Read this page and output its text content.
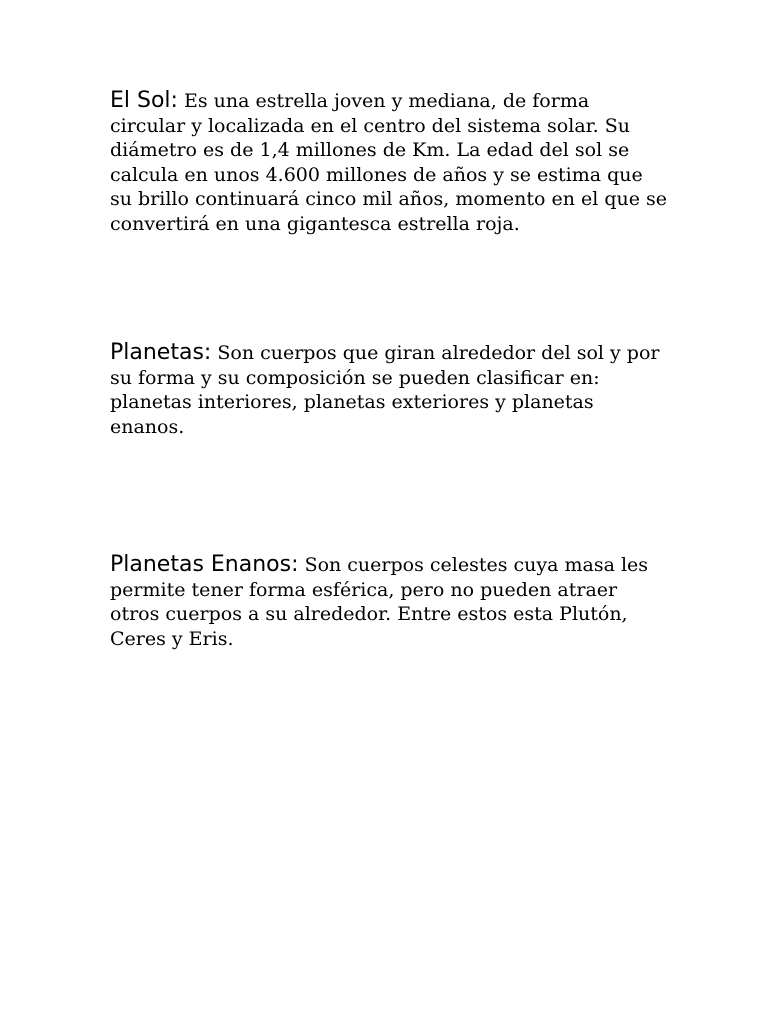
El Sol: Es una estrella joven y mediana, de forma circular y localizada en el centro del sistema solar. Su diámetro es de 1,4 millones de Km. La edad del sol se calcula en unos 4.600 millones de años y se estima que su brillo continuará cinco mil años, momento en el que se convertirá en una gigantesca estrella roja.

Planetas: Son cuerpos que giran alrededor del sol y por su forma y su composición se pueden clasificar en: planetas interiores, planetas exteriores y planetas enanos.

Planetas Enanos: Son cuerpos celestes cuya masa les permite tener forma esférica, pero no pueden atraer otros cuerpos a su alrededor. Entre estos esta Plutón, Ceres y Eris.
